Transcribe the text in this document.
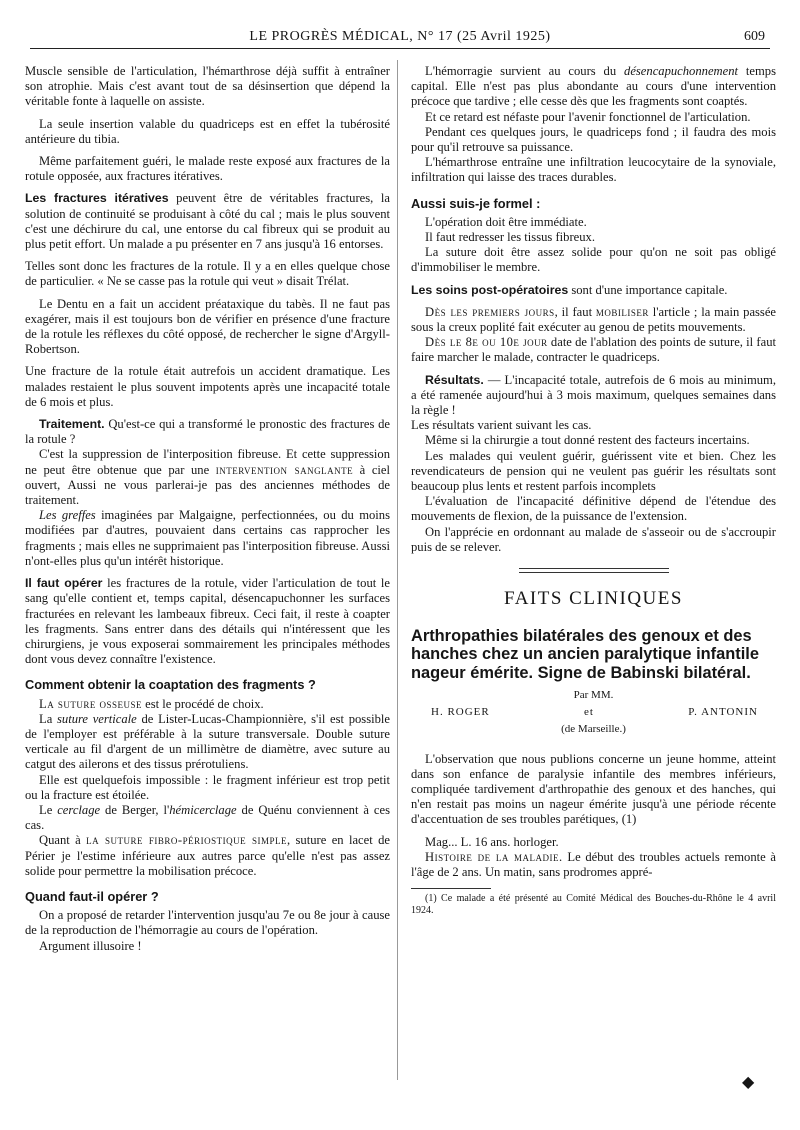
LE PROGRÈS MÉDICAL, N° 17 (25 Avril 1925)	609

Muscle sensible de l'articulation, l'hémarthrose déjà suffit à entraîner son atrophie. Mais c'est avant tout de sa désinsertion que dépend la véritable fonte à laquelle on assiste.

La seule insertion valable du quadriceps est en effet la tubérosité antérieure du tibia.

Même parfaitement guéri, le malade reste exposé aux fractures de la rotule opposée, aux fractures itératives.

Les fractures itératives peuvent être de véritables fractures, la solution de continuité se produisant à côté du cal ; mais le plus souvent c'est une déchirure du cal, une entorse du cal fibreux qui se produit au plus petit effort. Un malade a pu présenter en 7 ans jusqu'à 16 entorses.

Telles sont donc les fractures de la rotule. Il y a en elles quelque chose de particulier. « Ne se casse pas la rotule qui veut » disait Trélat.

Le Dentu en a fait un accident préataxique du tabès. Il ne faut pas exagérer, mais il est toujours bon de vérifier en présence d'une fracture de la rotule les réflexes du côté opposé, de rechercher le signe d'Argyll-Robertson.

Une fracture de la rotule était autrefois un accident dramatique. Les malades restaient le plus souvent impotents après une incapacité totale de 6 mois et plus.

Traitement. Qu'est-ce qui a transformé le pronostic des fractures de la rotule ?

C'est la suppression de l'interposition fibreuse. Et cette suppression ne peut être obtenue que par une intervention sanglante à ciel ouvert, Aussi ne vous parlerai-je pas des anciennes méthodes de traitement.

Les greffes imaginées par Malgaigne, perfectionnées, ou du moins modifiées par d'autres, pouvaient dans certains cas rapprocher les fragments ; mais elles ne supprimaient pas l'interposition fibreuse. Aussi n'ont-elles plus qu'un intérêt historique.

Il faut opérer les fractures de la rotule, vider l'articulation de tout le sang qu'elle contient et, temps capital, désencapuchonner les surfaces fracturées en relevant les lambeaux fibreux. Ceci fait, il reste à coapter les fragments. Sans entrer dans des détails qui n'intéressent que les chirurgiens, je vous exposerai sommairement les principales méthodes dont vous devez connaître l'existence.

Comment obtenir la coaptation des fragments ?

La suture osseuse est le procédé de choix.

La suture verticale de Lister-Lucas-Championnière, s'il est possible de l'employer est préférable à la suture transversale. Double suture verticale au fil d'argent de un millimètre de diamètre, avec suture au catgut des ailerons et des tissus prérotuliens.

Elle est quelquefois impossible : le fragment inférieur est trop petit ou la fracture est étoilée.

Le cerclage de Berger, l'hémicerclage de Quénu conviennent à ces cas.

Quant à la suture fibro-périostique simple, suture en lacet de Périer je l'estime inférieure aux autres parce qu'elle n'est pas assez solide pour permettre la mobilisation précoce.

Quand faut-il opérer ?

On a proposé de retarder l'intervention jusqu'au 7e ou 8e jour à cause de la reproduction de l'hémorragie au cours de l'opération.

Argument illusoire !

L'hémorragie survient au cours du désencapuchonnement temps capital. Elle n'est pas plus abondante au cours d'une intervention précoce que tardive ; elle cesse dès que les fragments sont coaptés.

Et ce retard est néfaste pour l'avenir fonctionnel de l'articulation.

Pendant ces quelques jours, le quadriceps fond ; il faudra des mois pour qu'il retrouve sa puissance.

L'hémarthrose entraîne une infiltration leucocytaire de la synoviale, infiltration qui laisse des traces durables.

Aussi suis-je formel :

L'opération doit être immédiate.

Il faut redresser les tissus fibreux.

La suture doit être assez solide pour qu'on ne soit pas obligé d'immobiliser le membre.

Les soins post-opératoires sont d'une importance capitale.

Dès les premiers jours, il faut mobiliser l'article ; la main passée sous la creux poplité fait exécuter au genou de petits mouvements.

Dès le 8e ou 10e jour date de l'ablation des points de suture, il faut faire marcher le malade, contracter le quadriceps.

Résultats. — L'incapacité totale, autrefois de 6 mois au minimum, a été ramenée aujourd'hui à 3 mois maximum, quelques semaines dans la règle !

Les résultats varient suivant les cas.

Même si la chirurgie a tout donné restent des facteurs incertains.

Les malades qui veulent guérir, guérissent vite et bien. Chez les revendicateurs de pension qui ne veulent pas guérir les résultats sont beaucoup plus lents et restent parfois incomplets

L'évaluation de l'incapacité définitive dépend de l'étendue des mouvements de flexion, de la puissance de l'extension.

On l'apprécie en ordonnant au malade de s'asseoir ou de s'accroupir puis de se relever.

FAITS CLINIQUES
Arthropathies bilatérales des genoux et des hanches chez un ancien paralytique infantile nageur émérite. Signe de Babinski bilatéral.

Par MM.

H. ROGER	et	P. ANTONIN

(de Marseille.)

L'observation que nous publions concerne un jeune homme, atteint dans son enfance de paralysie infantile des membres inférieurs, compliquée tardivement d'arthropathie des genoux et des hanches, qui n'en restait pas moins un nageur émérite jusqu'à une période récente d'accentuation de ses troubles parétiques, (1)

Mag... L. 16 ans. horloger.

Histoire de la maladie. Le début des troubles actuels remonte à l'âge de 2 ans. Un matin, sans prodromes appré-

(1) Ce malade a été présenté au Comité Médical des Bouches-du-Rhône le 4 avril 1924.

◆
